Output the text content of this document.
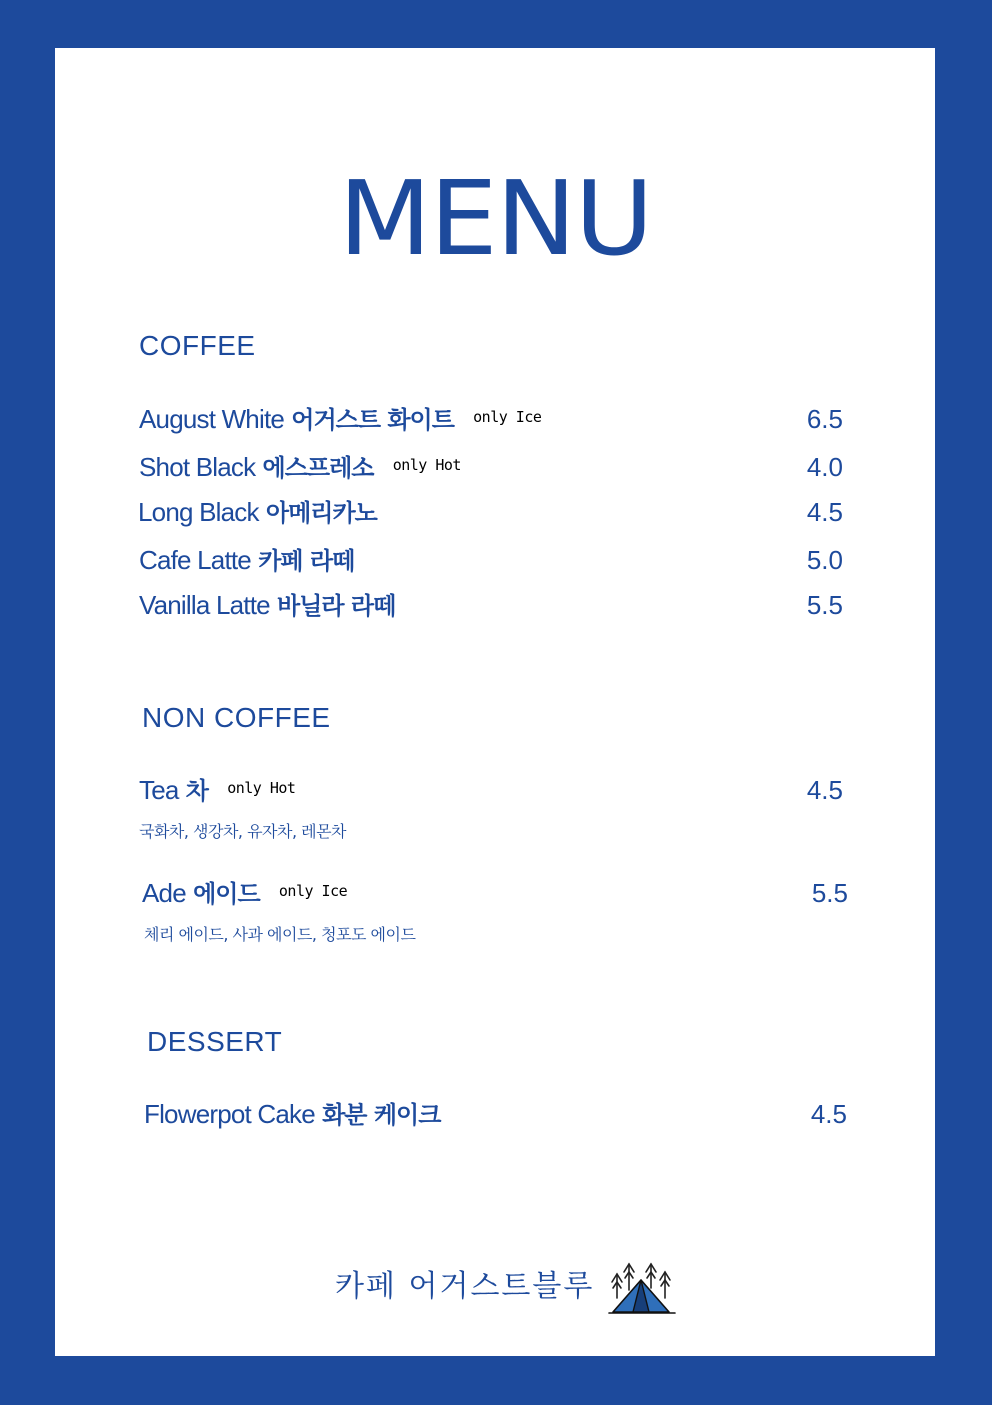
MENU
COFFEE
August White 어거스트 화이트 $^{only Ice}$	6.5
Shot Black 에스프레소 $^{only Hot}$	4.0
Long Black 아메리카노	4.5
Cafe Latte 카페 라떼	5.0
Vanilla Latte 바닐라 라떼	5.5
NON COFFEE
Tea 차 $^{only Hot}$	4.5
국화차, 생강차, 유자차, 레몬차
Ade 에이드 $^{only Ice}$	5.5
체리 에이드, 사과 에이드, 청포도 에이드
DESSERT
Flowerpot Cake 화분 케이크	4.5
카페 어거스트블루
